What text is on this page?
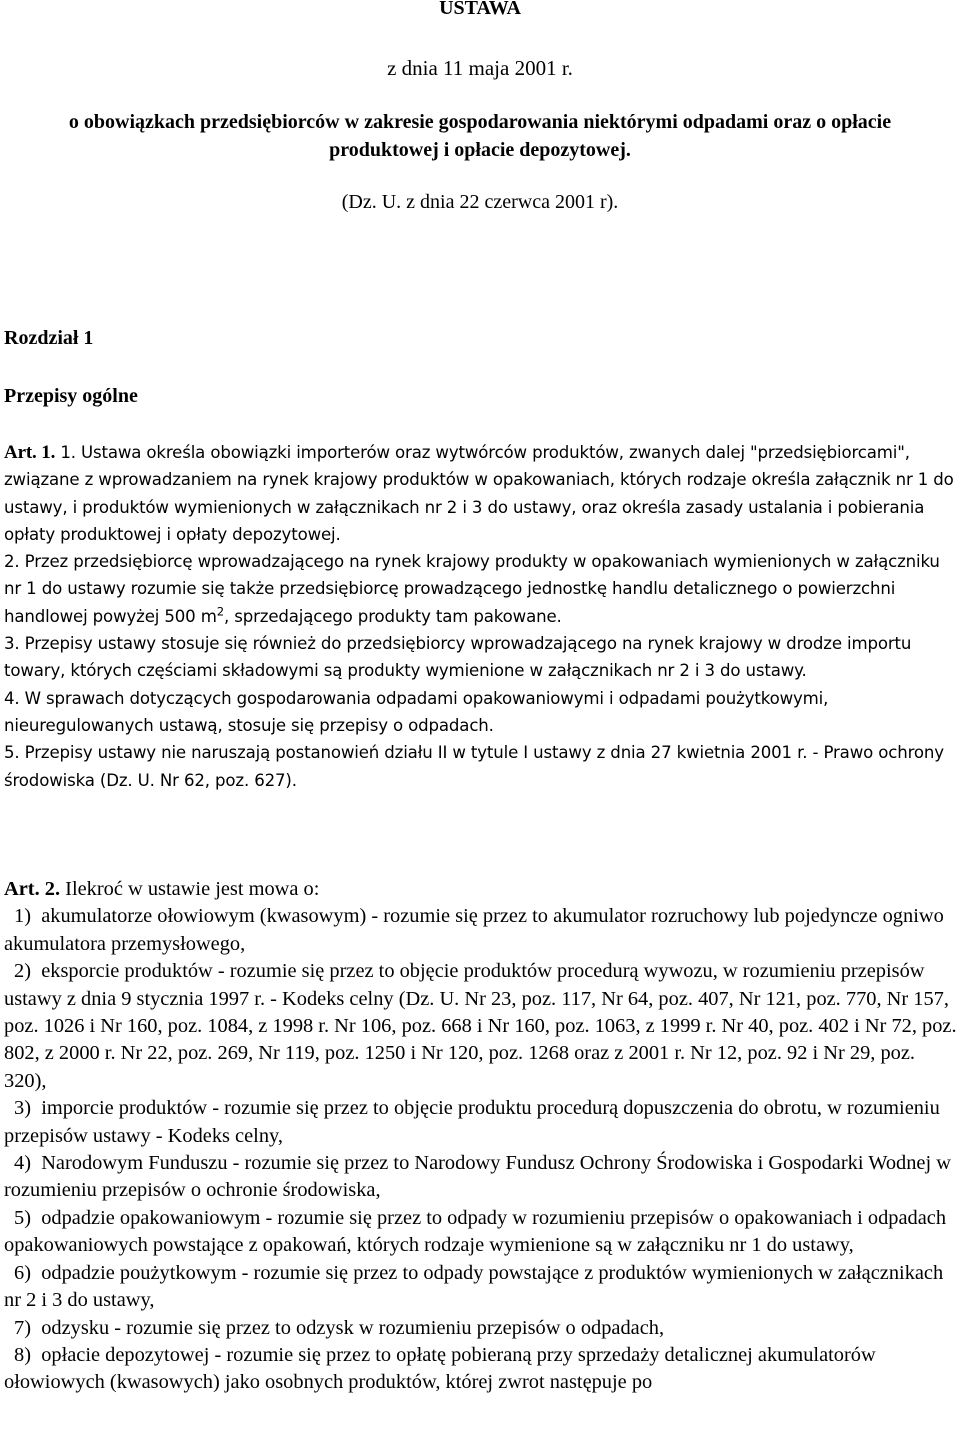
USTAWA
z dnia 11 maja 2001 r.
o obowiązkach przedsiębiorców w zakresie gospodarowania niektórymi odpadami oraz o opłacie produktowej i opłacie depozytowej.
(Dz. U. z dnia 22 czerwca 2001 r).
Rozdział 1
Przepisy ogólne

Art. 1. 1. Ustawa określa obowiązki importerów oraz wytwórców produktów, zwanych dalej "przedsiębiorcami", związane z wprowadzaniem na rynek krajowy produktów w opakowaniach, których rodzaje określa załącznik nr 1 do ustawy, i produktów wymienionych w załącznikach nr 2 i 3 do ustawy, oraz określa zasady ustalania i pobierania opłaty produktowej i opłaty depozytowej.

2. Przez przedsiębiorcę wprowadzającego na rynek krajowy produkty w opakowaniach wymienionych w załączniku nr 1 do ustawy rozumie się także przedsiębiorcę prowadzącego jednostkę handlu detalicznego o powierzchni handlowej powyżej 500 $m^2$, sprzedającego produkty tam pakowane.

3. Przepisy ustawy stosuje się również do przedsiębiorcy wprowadzającego na rynek krajowy w drodze importu towary, których częściami składowymi są produkty wymienione w załącznikach nr 2 i 3 do ustawy.

4. W sprawach dotyczących gospodarowania odpadami opakowaniowymi i odpadami poużytkowymi, nieuregulowanych ustawą, stosuje się przepisy o odpadach.

5. Przepisy ustawy nie naruszają postanowień działu II w tytule I ustawy z dnia 27 kwietnia 2001 r. - Prawo ochrony środowiska (Dz. U. Nr 62, poz. 627).

Art. 2. Ilekroć w ustawie jest mowa o:

1) akumulatorze ołowiowym (kwasowym) - rozumie się przez to akumulator rozruchowy lub pojedyncze ogniwo akumulatora przemysłowego,

2) eksporcie produktów - rozumie się przez to objęcie produktów procedurą wywozu, w rozumieniu przepisów ustawy z dnia 9 stycznia 1997 r. - Kodeks celny (Dz. U. Nr 23, poz. 117, Nr 64, poz. 407, Nr 121, poz. 770, Nr 157, poz. 1026 i Nr 160, poz. 1084, z 1998 r. Nr 106, poz. 668 i Nr 160, poz. 1063, z 1999 r. Nr 40, poz. 402 i Nr 72, poz. 802, z 2000 r. Nr 22, poz. 269, Nr 119, poz. 1250 i Nr 120, poz. 1268 oraz z 2001 r. Nr 12, poz. 92 i Nr 29, poz. 320),

3) imporcie produktów - rozumie się przez to objęcie produktu procedurą dopuszczenia do obrotu, w rozumieniu przepisów ustawy - Kodeks celny,

4) Narodowym Funduszu - rozumie się przez to Narodowy Fundusz Ochrony Środowiska i Gospodarki Wodnej w rozumieniu przepisów o ochronie środowiska,

5) odpadzie opakowaniowym - rozumie się przez to odpady w rozumieniu przepisów o opakowaniach i odpadach opakowaniowych powstające z opakowań, których rodzaje wymienione są w załączniku nr 1 do ustawy,

6) odpadzie poużytkowym - rozumie się przez to odpady powstające z produktów wymienionych w załącznikach nr 2 i 3 do ustawy,

7) odzysku - rozumie się przez to odzysk w rozumieniu przepisów o odpadach,

8) opłacie depozytowej - rozumie się przez to opłatę pobieraną przy sprzedaży detalicznej akumulatorów ołowiowych (kwasowych) jako osobnych produktów, której zwrot następuje po
